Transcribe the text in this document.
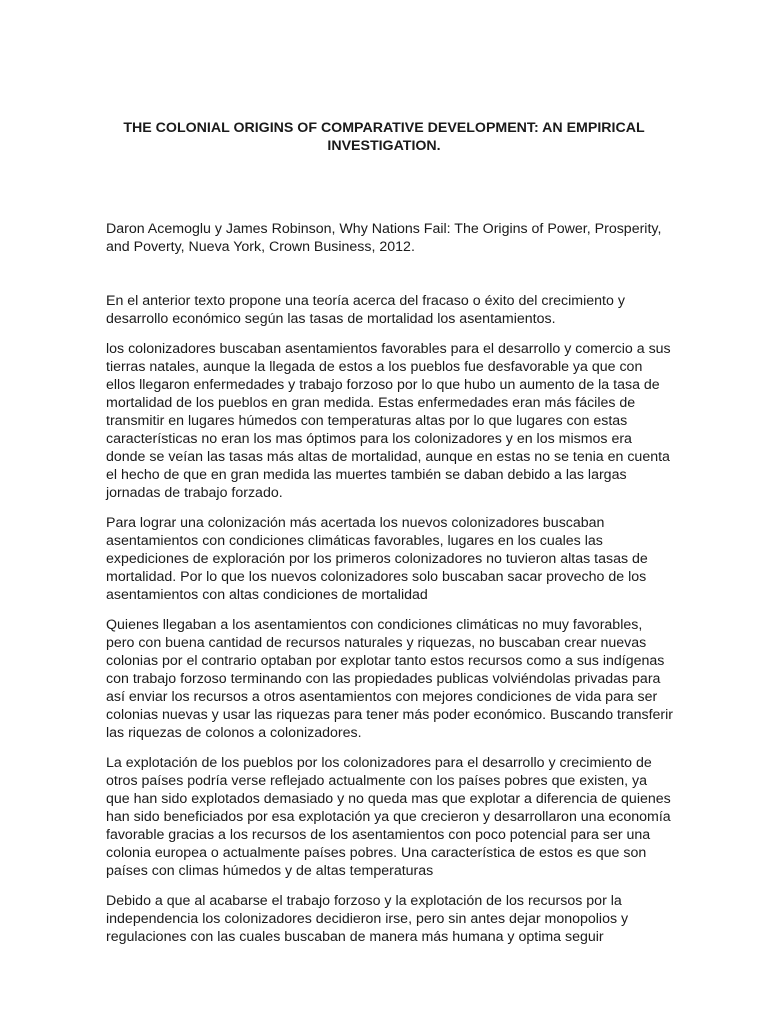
THE COLONIAL ORIGINS OF COMPARATIVE DEVELOPMENT: AN EMPIRICAL INVESTIGATION.

Daron Acemoglu y James Robinson, Why Nations Fail: The Origins of Power, Prosperity, and Poverty, Nueva York, Crown Business, 2012.

En el anterior texto propone una teoría acerca del fracaso o éxito del crecimiento y desarrollo económico según las tasas de mortalidad los asentamientos.

los colonizadores buscaban asentamientos favorables para el desarrollo y comercio a sus tierras natales, aunque la llegada de estos a los pueblos fue desfavorable ya que con ellos llegaron enfermedades y trabajo forzoso por lo que hubo un aumento de la tasa de mortalidad de los pueblos en gran medida. Estas enfermedades eran más fáciles de transmitir en lugares húmedos con temperaturas altas por lo que lugares con estas características no eran los mas óptimos para los colonizadores y en los mismos era donde se veían las tasas más altas de mortalidad, aunque en estas no se tenia en cuenta el hecho de que en gran medida las muertes también se daban debido a las largas jornadas de trabajo forzado.

Para lograr una colonización más acertada los nuevos colonizadores buscaban asentamientos con condiciones climáticas favorables, lugares en los cuales las expediciones de exploración por los primeros colonizadores no tuvieron altas tasas de mortalidad. Por lo que los nuevos colonizadores solo buscaban sacar provecho de los asentamientos con altas condiciones de mortalidad

Quienes llegaban a los asentamientos con condiciones climáticas no muy favorables, pero con buena cantidad de recursos naturales y riquezas, no buscaban crear nuevas colonias por el contrario optaban por explotar tanto estos recursos como a sus indígenas con trabajo forzoso terminando con las propiedades publicas volviéndolas privadas para así enviar los recursos a otros asentamientos con mejores condiciones de vida para ser colonias nuevas y usar las riquezas para tener más poder económico. Buscando transferir las riquezas de colonos a colonizadores.

La explotación de los pueblos por los colonizadores para el desarrollo y crecimiento de otros países podría verse reflejado actualmente con los países pobres que existen, ya que han sido explotados demasiado y no queda mas que explotar a diferencia de quienes han sido beneficiados por esa explotación ya que crecieron y desarrollaron una economía favorable gracias a los recursos de los asentamientos con poco potencial para ser una colonia europea o actualmente países pobres. Una característica de estos es que son países con climas húmedos y de altas temperaturas

Debido a que al acabarse el trabajo forzoso y la explotación de los recursos por la independencia los colonizadores decidieron irse, pero sin antes dejar monopolios y regulaciones con las cuales buscaban de manera más humana y optima seguir
